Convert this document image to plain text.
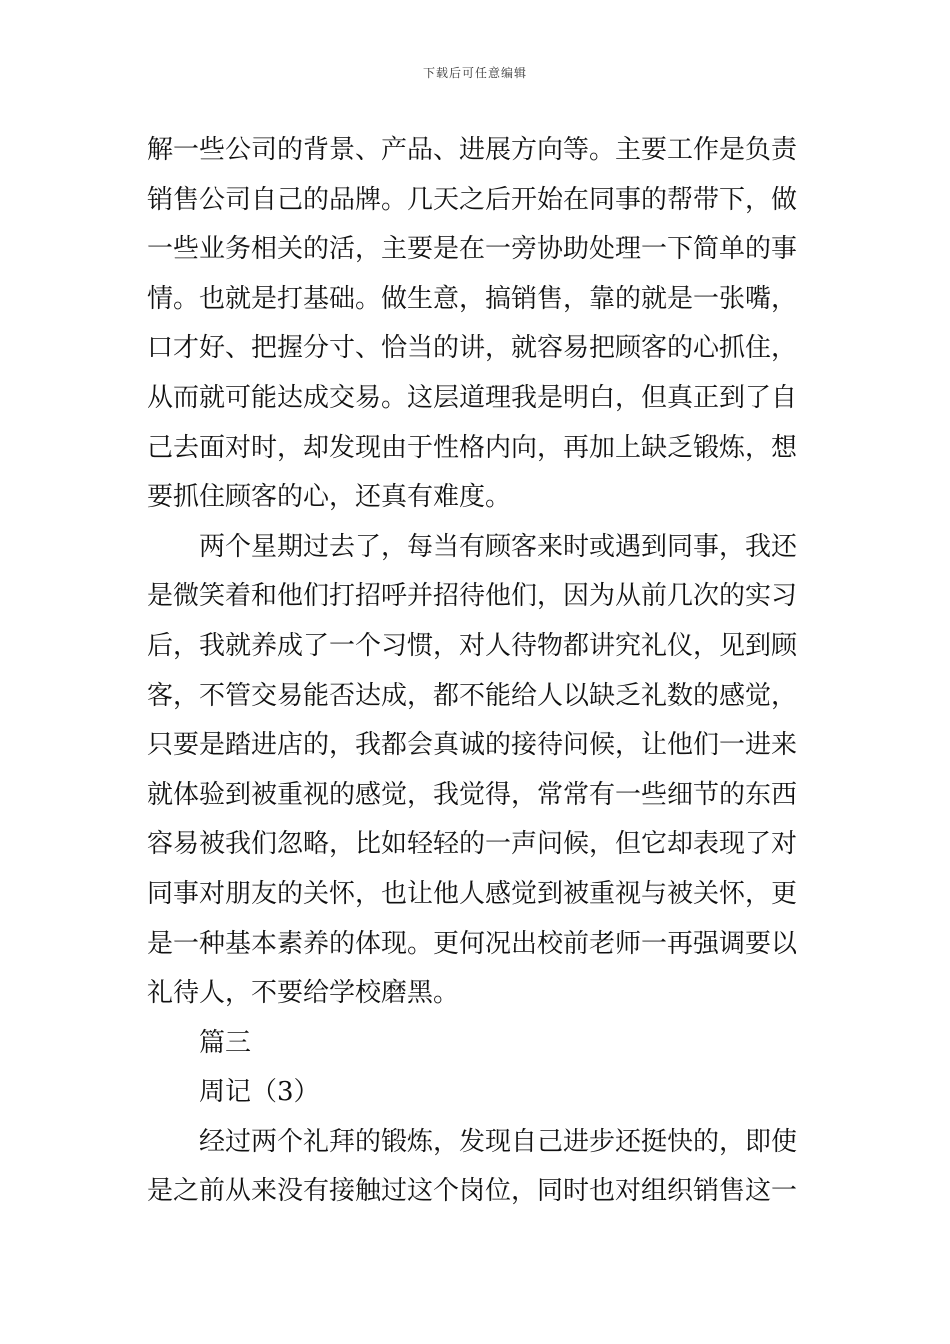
下载后可任意编辑
解一些公司的背景、产品、进展方向等。主要工作是负责
销售公司自己的品牌。几天之后开始在同事的帮带下，做
一些业务相关的活，主要是在一旁协助处理一下简单的事
情。也就是打基础。做生意，搞销售，靠的就是一张嘴，
口才好、把握分寸、恰当的讲，就容易把顾客的心抓住，
从而就可能达成交易。这层道理我是明白，但真正到了自
己去面对时，却发现由于性格内向，再加上缺乏锻炼，想
要抓住顾客的心，还真有难度。
两个星期过去了，每当有顾客来时或遇到同事，我还
是微笑着和他们打招呼并招待他们，因为从前几次的实习
后，我就养成了一个习惯，对人待物都讲究礼仪，见到顾
客，不管交易能否达成，都不能给人以缺乏礼数的感觉，
只要是踏进店的，我都会真诚的接待问候，让他们一进来
就体验到被重视的感觉，我觉得，常常有一些细节的东西
容易被我们忽略，比如轻轻的一声问候，但它却表现了对
同事对朋友的关怀，也让他人感觉到被重视与被关怀，更
是一种基本素养的体现。更何况出校前老师一再强调要以
礼待人，不要给学校磨黑。
篇三
周记（3）
经过两个礼拜的锻炼，发现自己进步还挺快的，即使
是之前从来没有接触过这个岗位，同时也对组织销售这一
